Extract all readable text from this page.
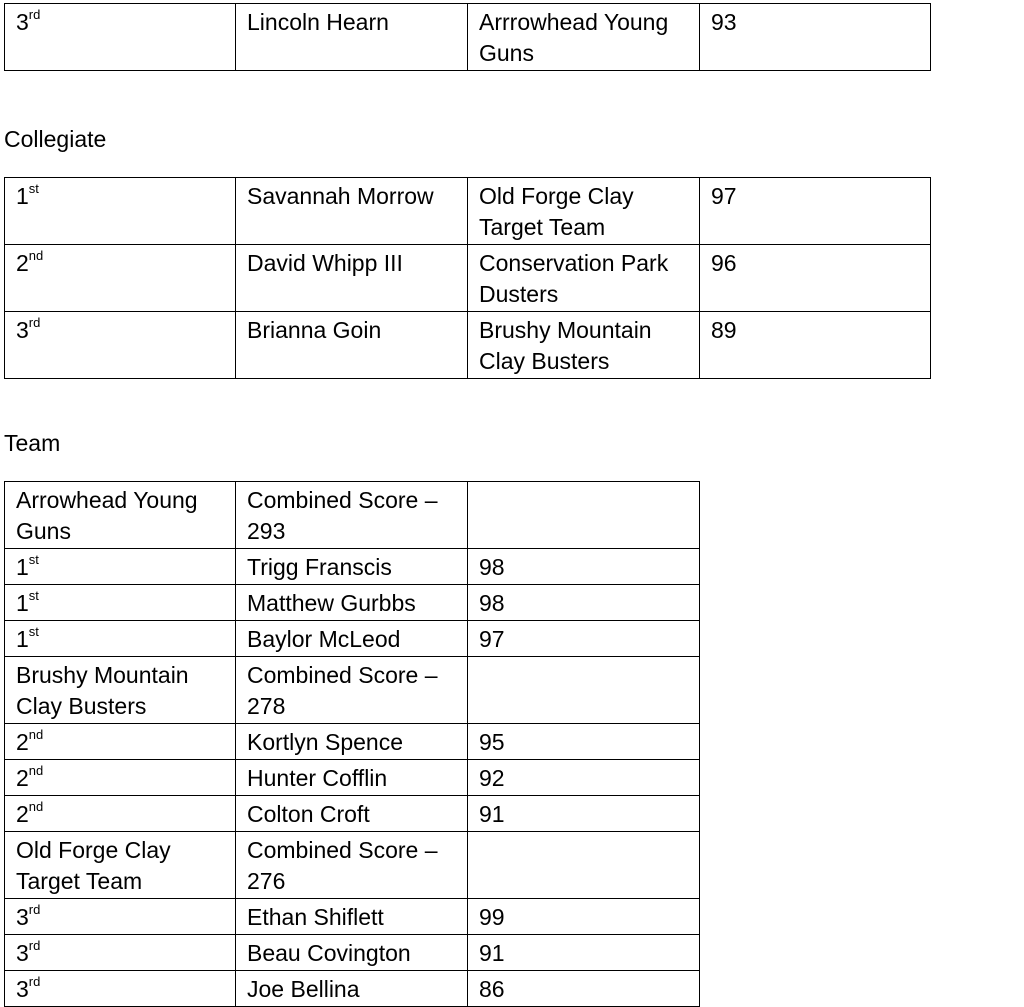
3rd	Lincoln Hearn	Arrrowhead Young Guns	93
Collegiate
1st	Savannah Morrow	Old Forge Clay Target Team	97
2nd	David Whipp III	Conservation Park Dusters	96
3rd	Brianna Goin	Brushy Mountain Clay Busters	89
Team
Arrowhead Young Guns	Combined Score – 293	
1st	Trigg Franscis	98
1st	Matthew Gurbbs	98
1st	Baylor McLeod	97
Brushy Mountain Clay Busters	Combined Score – 278	
2nd	Kortlyn Spence	95
2nd	Hunter Cofflin	92
2nd	Colton Croft	91
Old Forge Clay Target Team	Combined Score – 276	
3rd	Ethan Shiflett	99
3rd	Beau Covington	91
3rd	Joe Bellina	86
